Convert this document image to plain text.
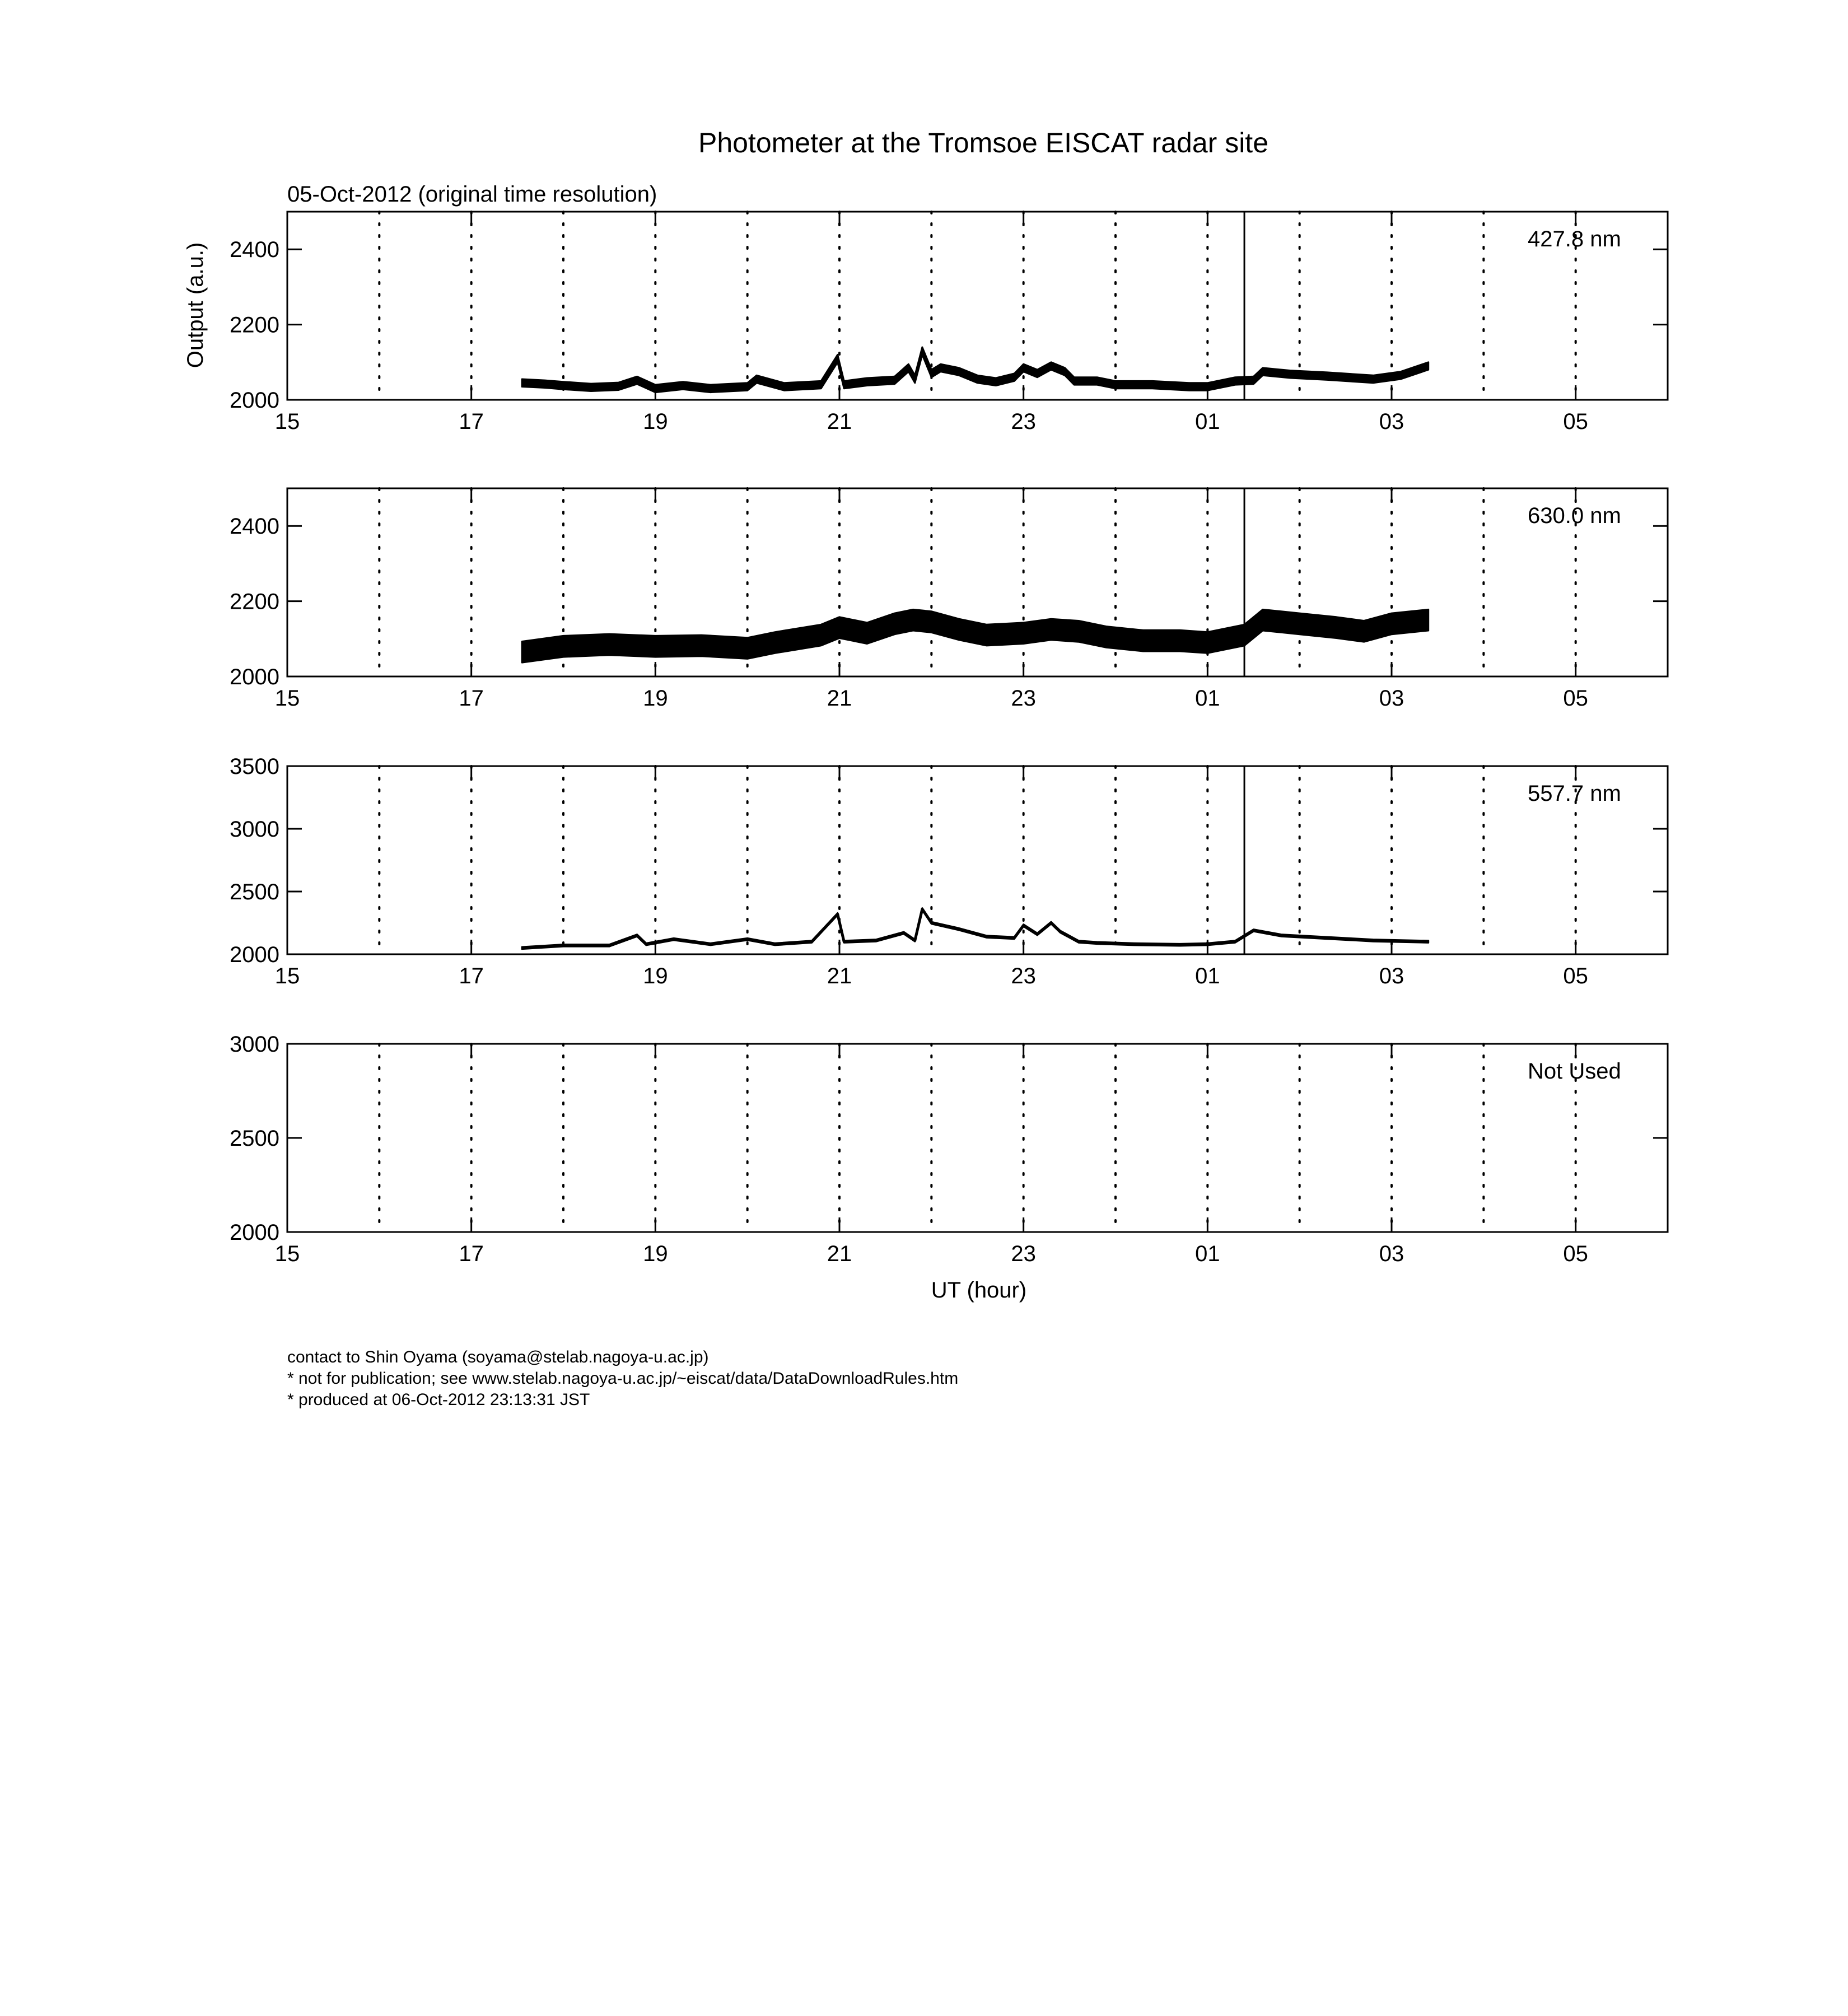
Photometer at the Tromsoe EISCAT radar site
05-Oct-2012 (original time resolution)
Output (a.u.)
UT (hour)
15	17	19	21	23	01	03	05
2000
2200
2400	427.8 nm
15	17	19	21	23	01	03	05
2000
2200
2400	630.0 nm
15	17	19	21	23	01	03	05
2000
2500
3000
3500
557.7 nm
15	17	19	21	23	01	03	05
2000
2500
3000
Not Used
contact to Shin Oyama (soyama@stelab.nagoya-u.ac.jp)
* not for publication; see www.stelab.nagoya-u.ac.jp/~eiscat/data/DataDownloadRules.htm
* produced at 06-Oct-2012 23:13:31 JST
